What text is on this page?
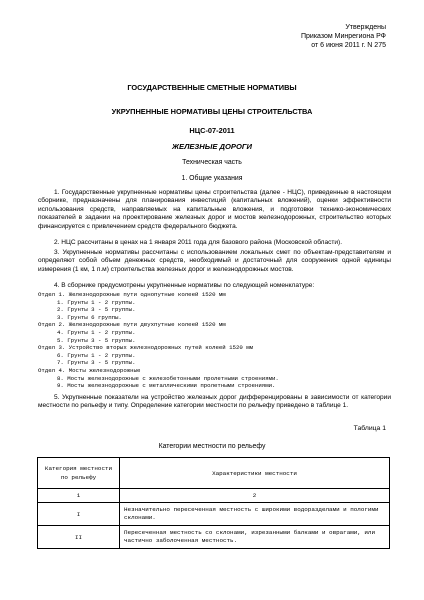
Утверждены
Приказом Минрегиона РФ
от 6 июня 2011 г. N 275
ГОСУДАРСТВЕННЫЕ СМЕТНЫЕ НОРМАТИВЫ
УКРУПНЕННЫЕ НОРМАТИВЫ ЦЕНЫ СТРОИТЕЛЬСТВА
НЦС-07-2011
ЖЕЛЕЗНЫЕ ДОРОГИ
Техническая часть
1. Общие указания
1. Государственные укрупненные нормативы цены строительства (далее - НЦС), приведенные в настоящем сборнике, предназначены для планирования инвестиций (капитальных вложений), оценки эффективности использования средств, направляемых на капитальные вложения, и подготовки технико-экономических показателей в задании на проектирование железных дорог и мостов железнодорожных, строительство которых финансируется с привлечением средств федерального бюджета.
2. НЦС рассчитаны в ценах на 1 января 2011 года для базового района (Московской области).
3. Укрупненные нормативы рассчитаны с использованием локальных смет по объектам-представителям и определяют собой объем денежных средств, необходимый и достаточный для сооружения одной единицы измерения (1 км, 1 п.м) строительства железных дорог и железнодорожных мостов.
4. В сборнике предусмотрены укрупненные нормативы по следующей номенклатуре:
Отдел 1. Железнодорожные пути однопутные колеей 1520 мм
1. Грунты 1 - 2 группы.
2. Грунты 3 - 5 группы.
3. Грунты 6 группы.
Отдел 2. Железнодорожные пути двухпутные колеей 1520 мм
4. Грунты 1 - 2 группы.
5. Грунты 3 - 5 группы.
Отдел 3. Устройство вторых железнодорожных путей колеей 1520 мм
6. Грунты 1 - 2 группы.
7. Грунты 3 - 5 группы.
Отдел 4. Мосты железнодорожные
8. Мосты железнодорожные с железобетонными пролетными строениями.
9. Мосты железнодорожные с металлическими пролетными строениями.
5. Укрупненные показатели на устройство железных дорог дифференцированы в зависимости от категории местности по рельефу и типу. Определение категории местности по рельефу приведено в таблице 1.
Таблица 1
Категории местности по рельефу
Категория местности
по рельефу	Характеристики местности
1	2
I	Незначительно пересеченная местность с широкими водоразделами и пологими склонами.
II	Пересеченная местность со склонами, изрезанными балками и оврагами, или частично заболоченная местность.
